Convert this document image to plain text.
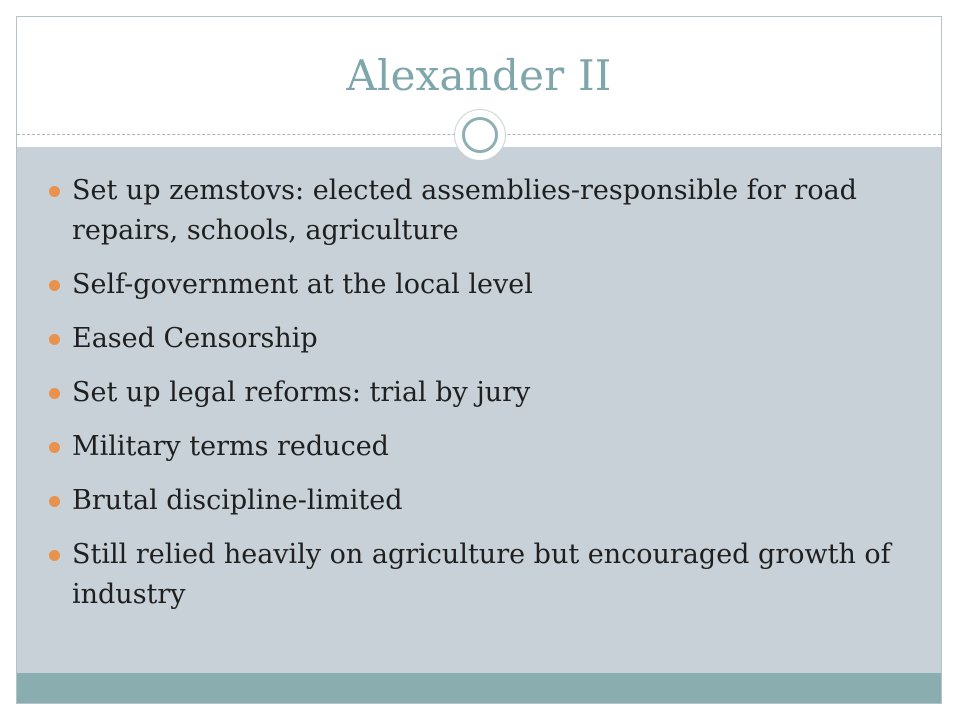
Alexander II
Set up zemstovs: elected assemblies-responsible for road repairs, schools, agriculture
Self-government at the local level
Eased Censorship
Set up legal reforms: trial by jury
Military terms reduced
Brutal discipline-limited
Still relied heavily on agriculture but encouraged growth of industry
